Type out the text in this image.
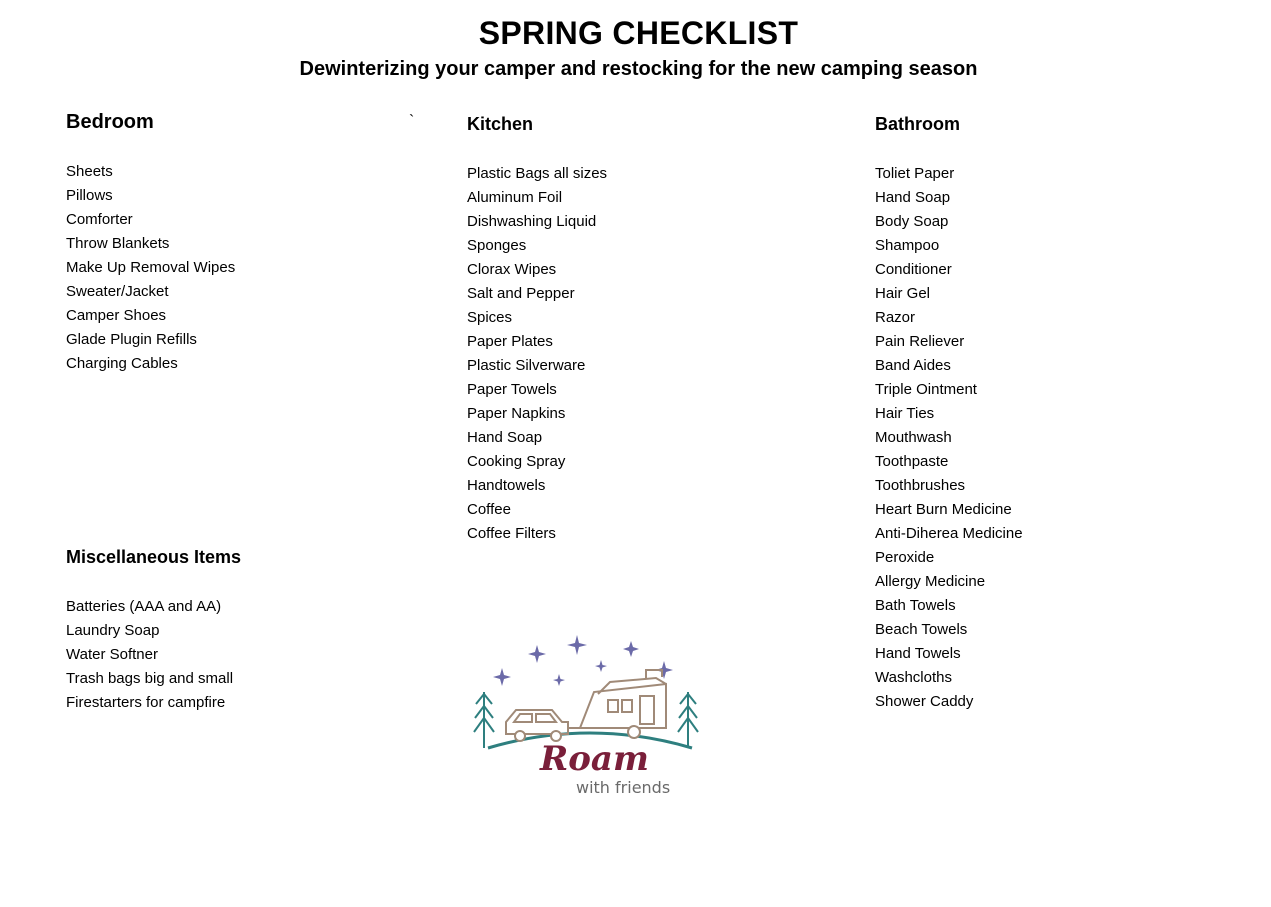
SPRING CHECKLIST
Dewinterizing your camper and restocking for the new camping season
`
Bedroom
Sheets
Pillows
Comforter
Throw Blankets
Make Up Removal Wipes
Sweater/Jacket
Camper Shoes
Glade Plugin Refills
Charging Cables
Kitchen
Plastic Bags all sizes
Aluminum Foil
Dishwashing Liquid
Sponges
Clorax Wipes
Salt and Pepper
Spices
Paper Plates
Plastic Silverware
Paper Towels
Paper Napkins
Hand Soap
Cooking Spray
Handtowels
Coffee
Coffee Filters
Bathroom
Toliet Paper
Hand Soap
Body Soap
Shampoo
Conditioner
Hair Gel
Razor
Pain Reliever
Band Aides
Triple Ointment
Hair Ties
Mouthwash
Toothpaste
Toothbrushes
Heart Burn Medicine
Anti-Diherea Medicine
Peroxide
Allergy Medicine
Bath Towels
Beach Towels
Hand Towels
Washcloths
Shower Caddy
Miscellaneous Items
Batteries (AAA and AA)
Laundry Soap
Water Softner
Trash bags big and small
Firestarters for campfire
Roam
with friends
